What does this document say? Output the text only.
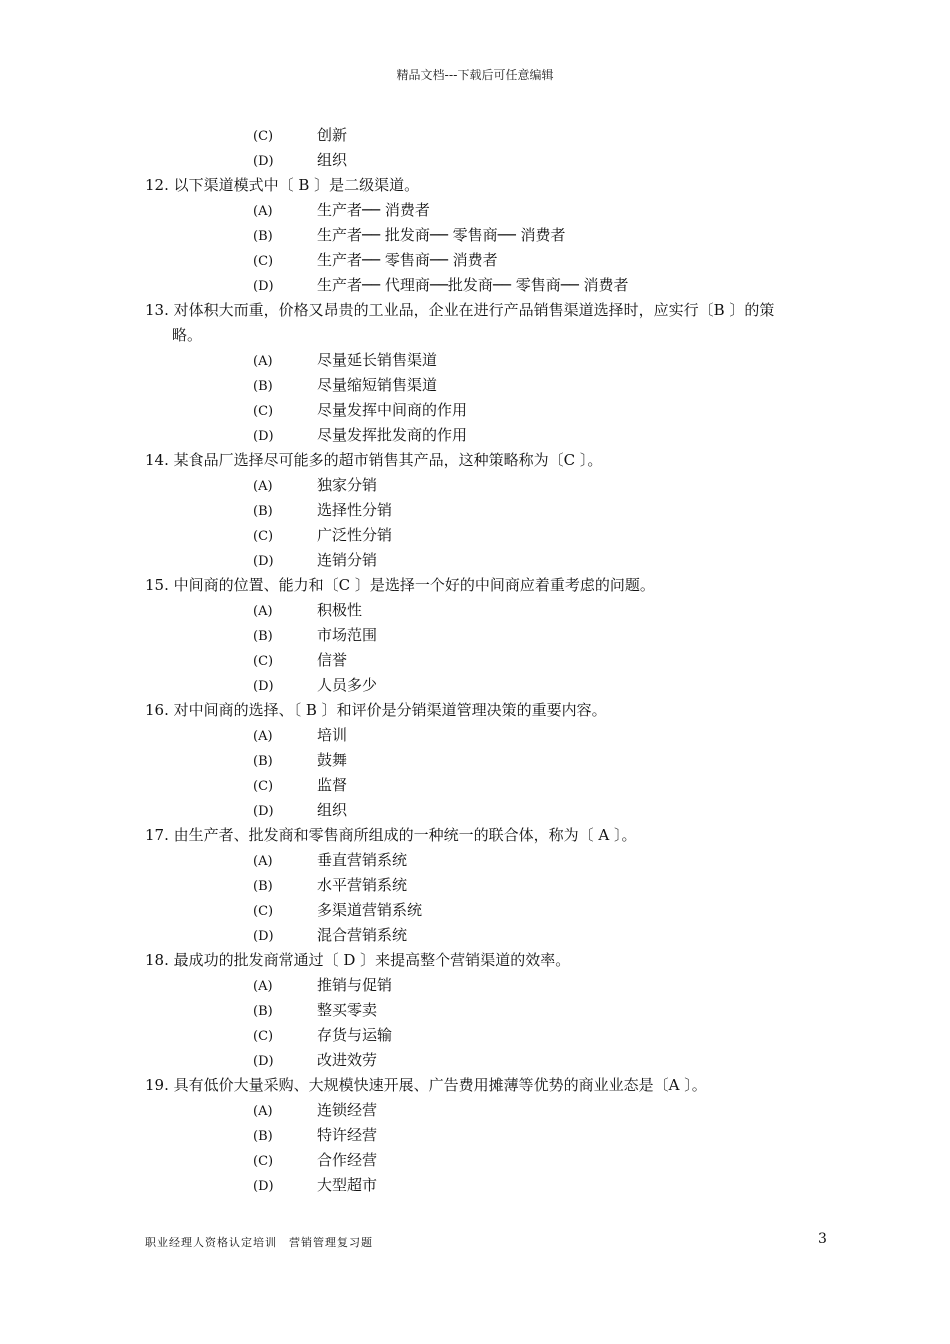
精品文档---下载后可任意编辑
(C)	创新
(D)	组织
12. 以下渠道模式中〔 B 〕是二级渠道。
(A)	生产者── 消费者
(B)	生产者── 批发商── 零售商── 消费者
(C)	生产者── 零售商── 消费者
(D)	生产者── 代理商──批发商── 零售商── 消费者
13. 对体积大而重，价格又昂贵的工业品，企业在进行产品销售渠道选择时，应实行〔B 〕的策
略。
(A)	尽量延长销售渠道
(B)	尽量缩短销售渠道
(C)	尽量发挥中间商的作用
(D)	尽量发挥批发商的作用
14. 某食品厂选择尽可能多的超市销售其产品，这种策略称为〔C 〕。
(A)	独家分销
(B)	选择性分销
(C)	广泛性分销
(D)	连销分销
15. 中间商的位置、能力和〔C 〕是选择一个好的中间商应着重考虑的问题。
(A)	积极性
(B)	市场范围
(C)	信誉
(D)	人员多少
16. 对中间商的选择、〔 B 〕和评价是分销渠道管理决策的重要内容。
(A)	培训
(B)	鼓舞
(C)	监督
(D)	组织
17. 由生产者、批发商和零售商所组成的一种统一的联合体，称为〔 A 〕。
(A)	垂直营销系统
(B)	水平营销系统
(C)	多渠道营销系统
(D)	混合营销系统
18. 最成功的批发商常通过〔 D 〕来提高整个营销渠道的效率。
(A)	推销与促销
(B)	整买零卖
(C)	存货与运输
(D)	改进效劳
19. 具有低价大量采购、大规模快速开展、广告费用摊薄等优势的商业业态是〔A 〕。
(A)	连锁经营
(B)	特许经营
(C)	合作经营
(D)	大型超市
职业经理人资格认定培训　营销管理复习题	3
